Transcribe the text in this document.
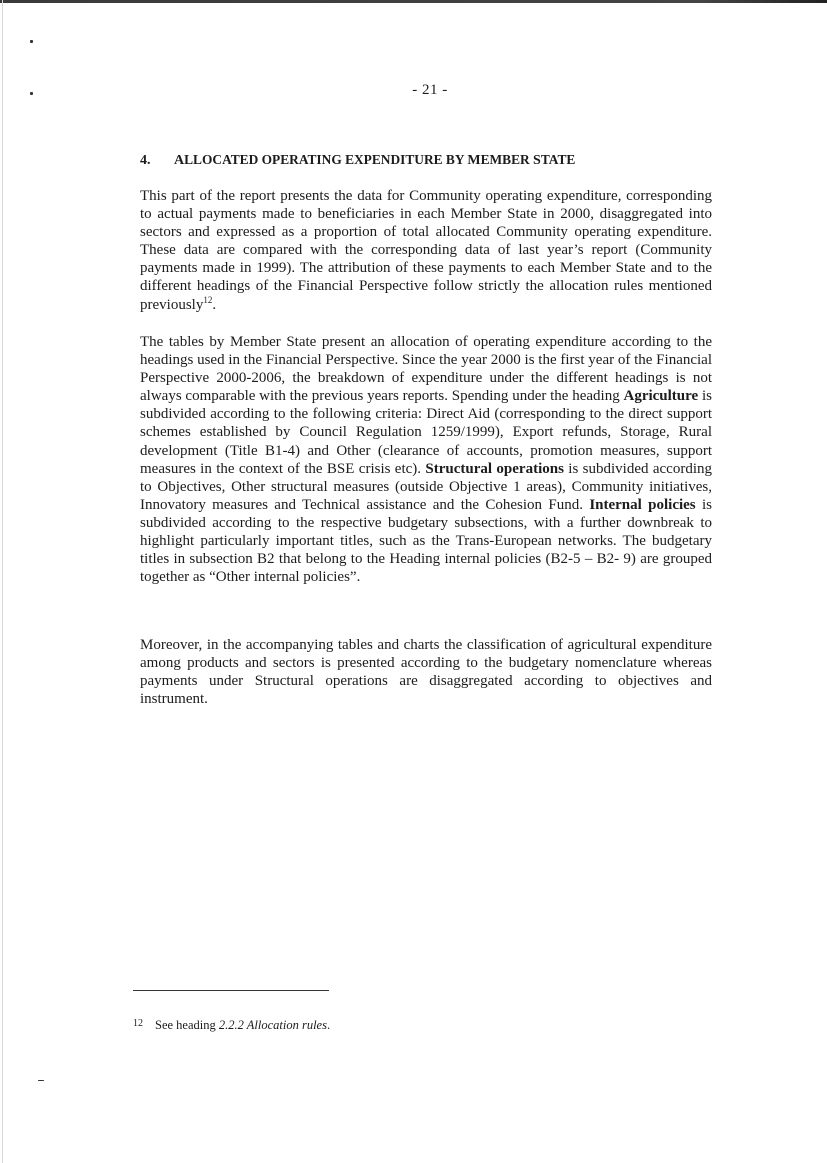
- 21 -
4. ALLOCATED OPERATING EXPENDITURE BY MEMBER STATE
This part of the report presents the data for Community operating expenditure, corresponding to actual payments made to beneficiaries in each Member State in 2000, disaggregated into sectors and expressed as a proportion of total allocated Community operating expenditure. These data are compared with the corresponding data of last year’s report (Community payments made in 1999). The attribution of these payments to each Member State and to the different headings of the Financial Perspective follow strictly the allocation rules mentioned previously$^{12}$.
The tables by Member State present an allocation of operating expenditure according to the headings used in the Financial Perspective. Since the year 2000 is the first year of the Financial Perspective 2000-2006, the breakdown of expenditure under the different headings is not always comparable with the previous years reports. Spending under the heading Agriculture is subdivided according to the following criteria: Direct Aid (corresponding to the direct support schemes established by Council Regulation 1259/1999), Export refunds, Storage, Rural development (Title B1-4) and Other (clearance of accounts, promotion measures, support measures in the context of the BSE crisis etc). Structural operations is subdivided according to Objectives, Other structural measures (outside Objective 1 areas), Community initiatives, Innovatory measures and Technical assistance and the Cohesion Fund. Internal policies is subdivided according to the respective budgetary subsections, with a further downbreak to highlight particularly important titles, such as the Trans-European networks. The budgetary titles in subsection B2 that belong to the Heading internal policies (B2-5 – B2- 9) are grouped together as “Other internal policies”.
Moreover, in the accompanying tables and charts the classification of agricultural expenditure among products and sectors is presented according to the budgetary nomenclature whereas payments under Structural operations are disaggregated according to objectives and instrument.
$^{12}$ See heading 2.2.2 Allocation rules.
